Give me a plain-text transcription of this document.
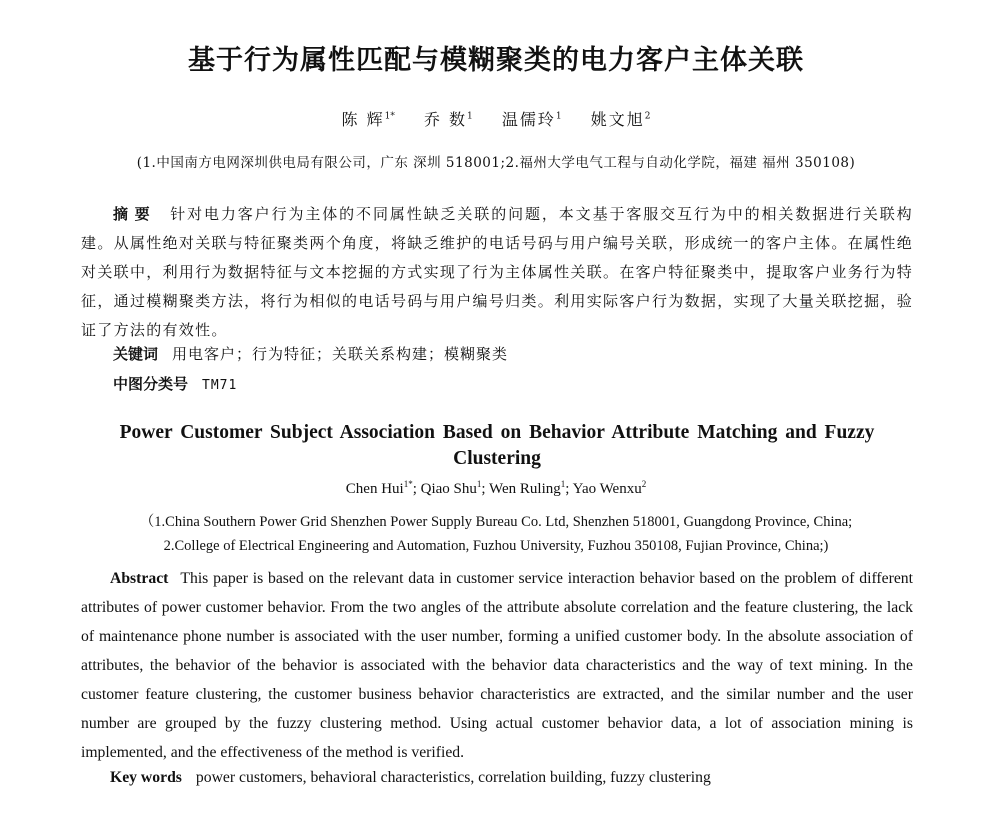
基于行为属性匹配与模糊聚类的电力客户主体关联
陈 辉$^{1*}$ 乔 数$^1$ 温儒玲$^1$ 姚文旭$^2$
(1.中国南方电网深圳供电局有限公司，广东 深圳 518001;2.福州大学电气工程与自动化学院，福建 福州 350108)
摘要 针对电力客户行为主体的不同属性缺乏关联的问题，本文基于客服交互行为中的相关数据进行关联构建。从属性绝对关联与特征聚类两个角度，将缺乏维护的电话号码与用户编号关联，形成统一的客户主体。在属性绝对关联中，利用行为数据特征与文本挖掘的方式实现了行为主体属性关联。在客户特征聚类中，提取客户业务行为特征，通过模糊聚类方法，将行为相似的电话号码与用户编号归类。利用实际客户行为数据，实现了大量关联挖掘，验证了方法的有效性。
关键词 用电客户；行为特征；关联关系构建；模糊聚类
中图分类号 TM71
Power Customer Subject Association Based on Behavior Attribute Matching and Fuzzy Clustering
Chen Hui$^{1*}$; Qiao Shu$^1$; Wen Ruling$^1$; Yao Wenxu$^2$
（1.China Southern Power Grid Shenzhen Power Supply Bureau Co. Ltd, Shenzhen 518001, Guangdong Province, China;
2.College of Electrical Engineering and Automation, Fuzhou University, Fuzhou 350108, Fujian Province, China;)
Abstract This paper is based on the relevant data in customer service interaction behavior based on the problem of different attributes of power customer behavior. From the two angles of the attribute absolute correlation and the feature clustering, the lack of maintenance phone number is associated with the user number, forming a unified customer body. In the absolute association of attributes, the behavior of the behavior is associated with the behavior data characteristics and the way of text mining. In the customer feature clustering, the customer business behavior characteristics are extracted, and the similar number and the user number are grouped by the fuzzy clustering method. Using actual customer behavior data, a lot of association mining is implemented, and the effectiveness of the method is verified.
Key words power customers, behavioral characteristics, correlation building, fuzzy clustering
